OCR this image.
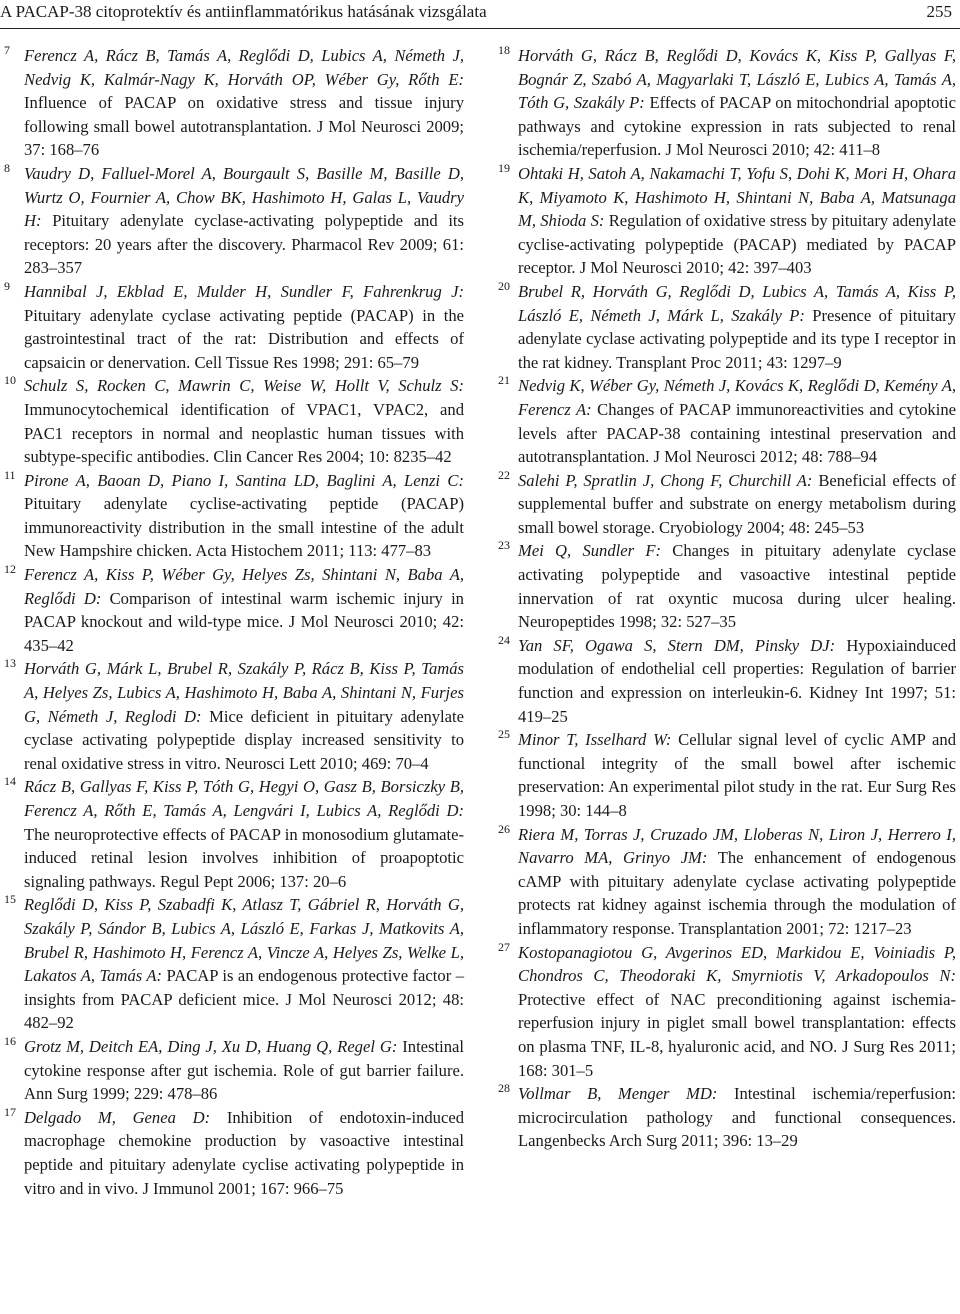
A PACAP-38 citoprotektív és antiinflammatórikus hatásának vizsgálata	255
7 Ferencz A, Rácz B, Tamás A, Reglődi D, Lubics A, Németh J, Nedvig K, Kalmár-Nagy K, Horváth OP, Wéber Gy, Rőth E: Influence of PACAP on oxidative stress and tissue injury following small bowel autotransplantation. J Mol Neurosci 2009; 37: 168–76
8 Vaudry D, Falluel-Morel A, Bourgault S, Basille M, Basille D, Wurtz O, Fournier A, Chow BK, Hashimoto H, Galas L, Vaudry H: Pituitary adenylate cyclase-activating polypeptide and its receptors: 20 years after the discovery. Pharmacol Rev 2009; 61: 283–357
9 Hannibal J, Ekblad E, Mulder H, Sundler F, Fahrenkrug J: Pituitary adenylate cyclase activating peptide (PACAP) in the gastrointestinal tract of the rat: Distribution and effects of capsaicin or denervation. Cell Tissue Res 1998; 291: 65–79
10 Schulz S, Rocken C, Mawrin C, Weise W, Hollt V, Schulz S: Immunocytochemical identification of VPAC1, VPAC2, and PAC1 receptors in normal and neoplastic human tissues with subtype-specific antibodies. Clin Cancer Res 2004; 10: 8235–42
11 Pirone A, Baoan D, Piano I, Santina LD, Baglini A, Lenzi C: Pituitary adenylate cyclise-activating peptide (PACAP) immunoreactivity distribution in the small intestine of the adult New Hampshire chicken. Acta Histochem 2011; 113: 477–83
12 Ferencz A, Kiss P, Wéber Gy, Helyes Zs, Shintani N, Baba A, Reglődi D: Comparison of intestinal warm ischemic injury in PACAP knockout and wild-type mice. J Mol Neurosci 2010; 42: 435–42
13 Horváth G, Márk L, Brubel R, Szakály P, Rácz B, Kiss P, Tamás A, Helyes Zs, Lubics A, Hashimoto H, Baba A, Shintani N, Furjes G, Németh J, Reglodi D: Mice deficient in pituitary adenylate cyclase activating polypeptide display increased sensitivity to renal oxidative stress in vitro. Neurosci Lett 2010; 469: 70–4
14 Rácz B, Gallyas F, Kiss P, Tóth G, Hegyi O, Gasz B, Borsiczky B, Ferencz A, Rőth E, Tamás A, Lengvári I, Lubics A, Reglődi D: The neuroprotective effects of PACAP in monosodium glutamate-induced retinal lesion involves inhibition of proapoptotic signaling pathways. Regul Pept 2006; 137: 20–6
15 Reglődi D, Kiss P, Szabadfi K, Atlasz T, Gábriel R, Horváth G, Szakály P, Sándor B, Lubics A, László E, Farkas J, Matkovits A, Brubel R, Hashimoto H, Ferencz A, Vincze A, Helyes Zs, Welke L, Lakatos A, Tamás A: PACAP is an endogenous protective factor – insights from PACAP deficient mice. J Mol Neurosci 2012; 48: 482–92
16 Grotz M, Deitch EA, Ding J, Xu D, Huang Q, Regel G: Intestinal cytokine response after gut ischemia. Role of gut barrier failure. Ann Surg 1999; 229: 478–86
17 Delgado M, Genea D: Inhibition of endotoxin-induced macrophage chemokine production by vasoactive intestinal peptide and pituitary adenylate cyclise activating polypeptide in vitro and in vivo. J Immunol 2001; 167: 966–75
18 Horváth G, Rácz B, Reglődi D, Kovács K, Kiss P, Gallyas F, Bognár Z, Szabó A, Magyarlaki T, László E, Lubics A, Tamás A, Tóth G, Szakály P: Effects of PACAP on mitochondrial apoptotic pathways and cytokine expression in rats subjected to renal ischemia/reperfusion. J Mol Neurosci 2010; 42: 411–8
19 Ohtaki H, Satoh A, Nakamachi T, Yofu S, Dohi K, Mori H, Ohara K, Miyamoto K, Hashimoto H, Shintani N, Baba A, Matsunaga M, Shioda S: Regulation of oxidative stress by pituitary adenylate cyclise-activating polypeptide (PACAP) mediated by PACAP receptor. J Mol Neurosci 2010; 42: 397–403
20 Brubel R, Horváth G, Reglődi D, Lubics A, Tamás A, Kiss P, László E, Németh J, Márk L, Szakály P: Presence of pituitary adenylate cyclase activating polypeptide and its type I receptor in the rat kidney. Transplant Proc 2011; 43: 1297–9
21 Nedvig K, Wéber Gy, Németh J, Kovács K, Reglődi D, Kemény A, Ferencz A: Changes of PACAP immunoreactivities and cytokine levels after PACAP-38 containing intestinal preservation and autotransplantation. J Mol Neurosci 2012; 48: 788–94
22 Salehi P, Spratlin J, Chong F, Churchill A: Beneficial effects of supplemental buffer and substrate on energy metabolism during small bowel storage. Cryobiology 2004; 48: 245–53
23 Mei Q, Sundler F: Changes in pituitary adenylate cyclase activating polypeptide and vasoactive intestinal peptide innervation of rat oxyntic mucosa during ulcer healing. Neuropeptides 1998; 32: 527–35
24 Yan SF, Ogawa S, Stern DM, Pinsky DJ: Hypoxiainduced modulation of endothelial cell properties: Regulation of barrier function and expression on interleukin-6. Kidney Int 1997; 51: 419–25
25 Minor T, Isselhard W: Cellular signal level of cyclic AMP and functional integrity of the small bowel after ischemic preservation: An experimental pilot study in the rat. Eur Surg Res 1998; 30: 144–8
26 Riera M, Torras J, Cruzado JM, Lloberas N, Liron J, Herrero I, Navarro MA, Grinyo JM: The enhancement of endogenous cAMP with pituitary adenylate cyclase activating polypeptide protects rat kidney against ischemia through the modulation of inflammatory response. Transplantation 2001; 72: 1217–23
27 Kostopanagiotou G, Avgerinos ED, Markidou E, Voiniadis P, Chondros C, Theodoraki K, Smyrniotis V, Arkadopoulos N: Protective effect of NAC preconditioning against ischemia-reperfusion injury in piglet small bowel transplantation: effects on plasma TNF, IL-8, hyaluronic acid, and NO. J Surg Res 2011; 168: 301–5
28 Vollmar B, Menger MD: Intestinal ischemia/reperfusion: microcirculation pathology and functional consequences. Langenbecks Arch Surg 2011; 396: 13–29
